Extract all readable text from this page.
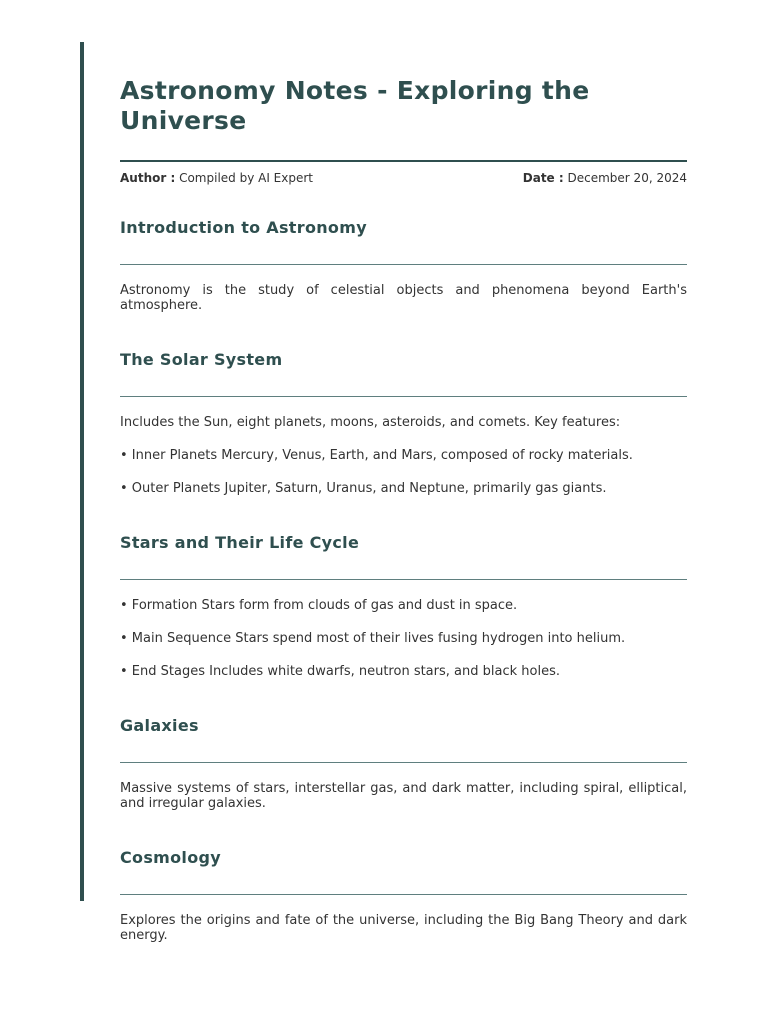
Astronomy Notes - Exploring the Universe
Author : Compiled by AI Expert	Date : December 20, 2024
Introduction to Astronomy

Astronomy is the study of celestial objects and phenomena beyond Earth's atmosphere.

The Solar System

Includes the Sun, eight planets, moons, asteroids, and comets. Key features:

• Inner Planets Mercury, Venus, Earth, and Mars, composed of rocky materials.

• Outer Planets Jupiter, Saturn, Uranus, and Neptune, primarily gas giants.

Stars and Their Life Cycle

• Formation Stars form from clouds of gas and dust in space.

• Main Sequence Stars spend most of their lives fusing hydrogen into helium.

• End Stages Includes white dwarfs, neutron stars, and black holes.

Galaxies

Massive systems of stars, interstellar gas, and dark matter, including spiral, elliptical, and irregular galaxies.

Cosmology

Explores the origins and fate of the universe, including the Big Bang Theory and dark energy.
